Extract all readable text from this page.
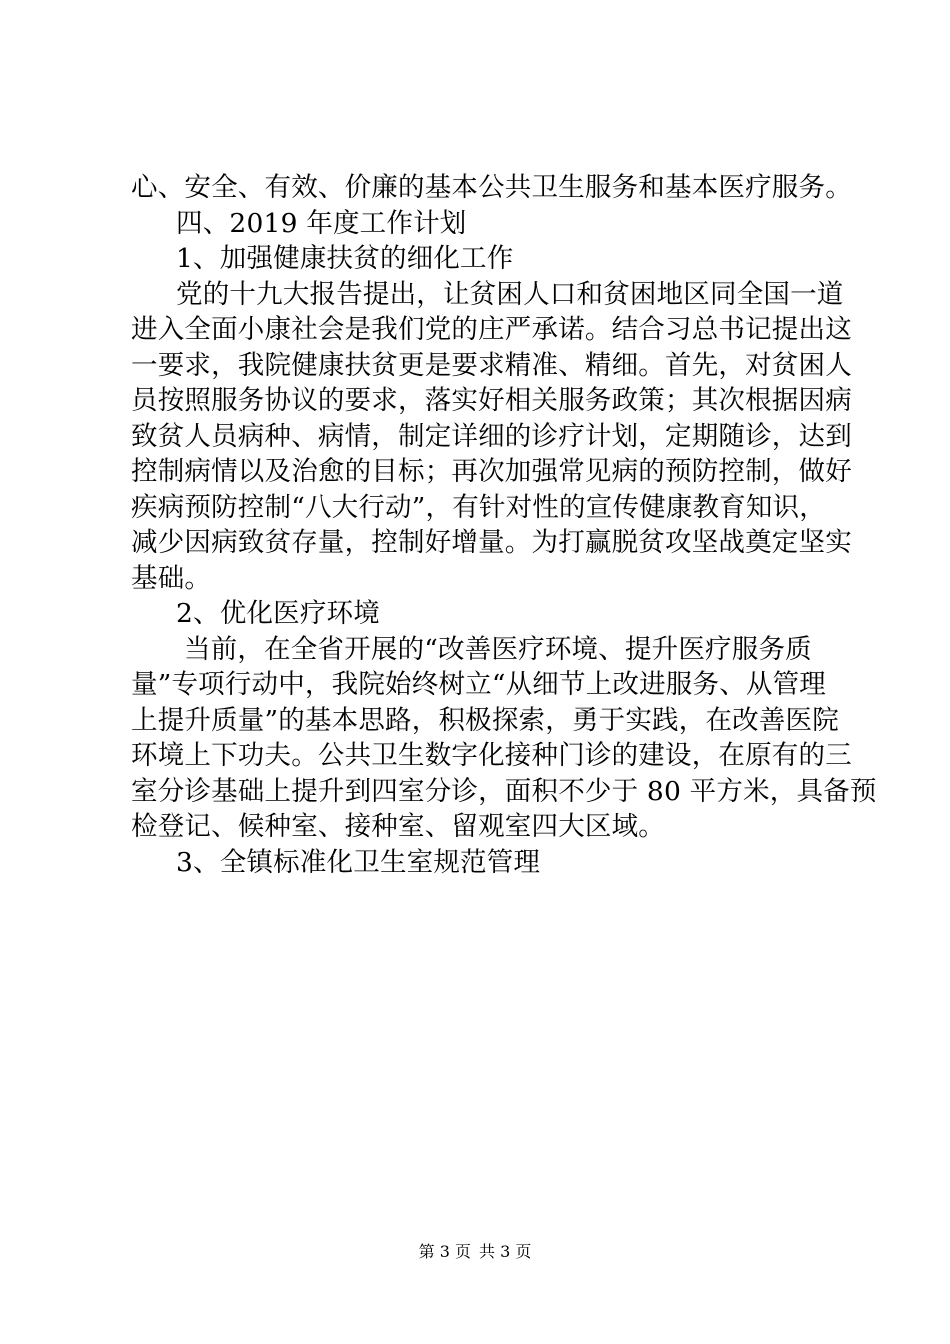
心、安全、有效、价廉的基本公共卫生服务和基本医疗服务。
四、2019 年度工作计划
1、加强健康扶贫的细化工作
党的十九大报告提出，让贫困人口和贫困地区同全国一道
进入全面小康社会是我们党的庄严承诺。结合习总书记提出这
一要求，我院健康扶贫更是要求精准、精细。首先，对贫困人
员按照服务协议的要求，落实好相关服务政策；其次根据因病
致贫人员病种、病情，制定详细的诊疗计划，定期随诊，达到
控制病情以及治愈的目标；再次加强常见病的预防控制，做好
疾病预防控制“八大行动”，有针对性的宣传健康教育知识，
减少因病致贫存量，控制好增量。为打赢脱贫攻坚战奠定坚实
基础。
2、优化医疗环境
当前，在全省开展的“改善医疗环境、提升医疗服务质
量”专项行动中，我院始终树立“从细节上改进服务、从管理
上提升质量”的基本思路，积极探索，勇于实践，在改善医院
环境上下功夫。公共卫生数字化接种门诊的建设，在原有的三
室分诊基础上提升到四室分诊，面积不少于 80 平方米，具备预
检登记、候种室、接种室、留观室四大区域。
3、全镇标准化卫生室规范管理
第 3 页 共 3 页
